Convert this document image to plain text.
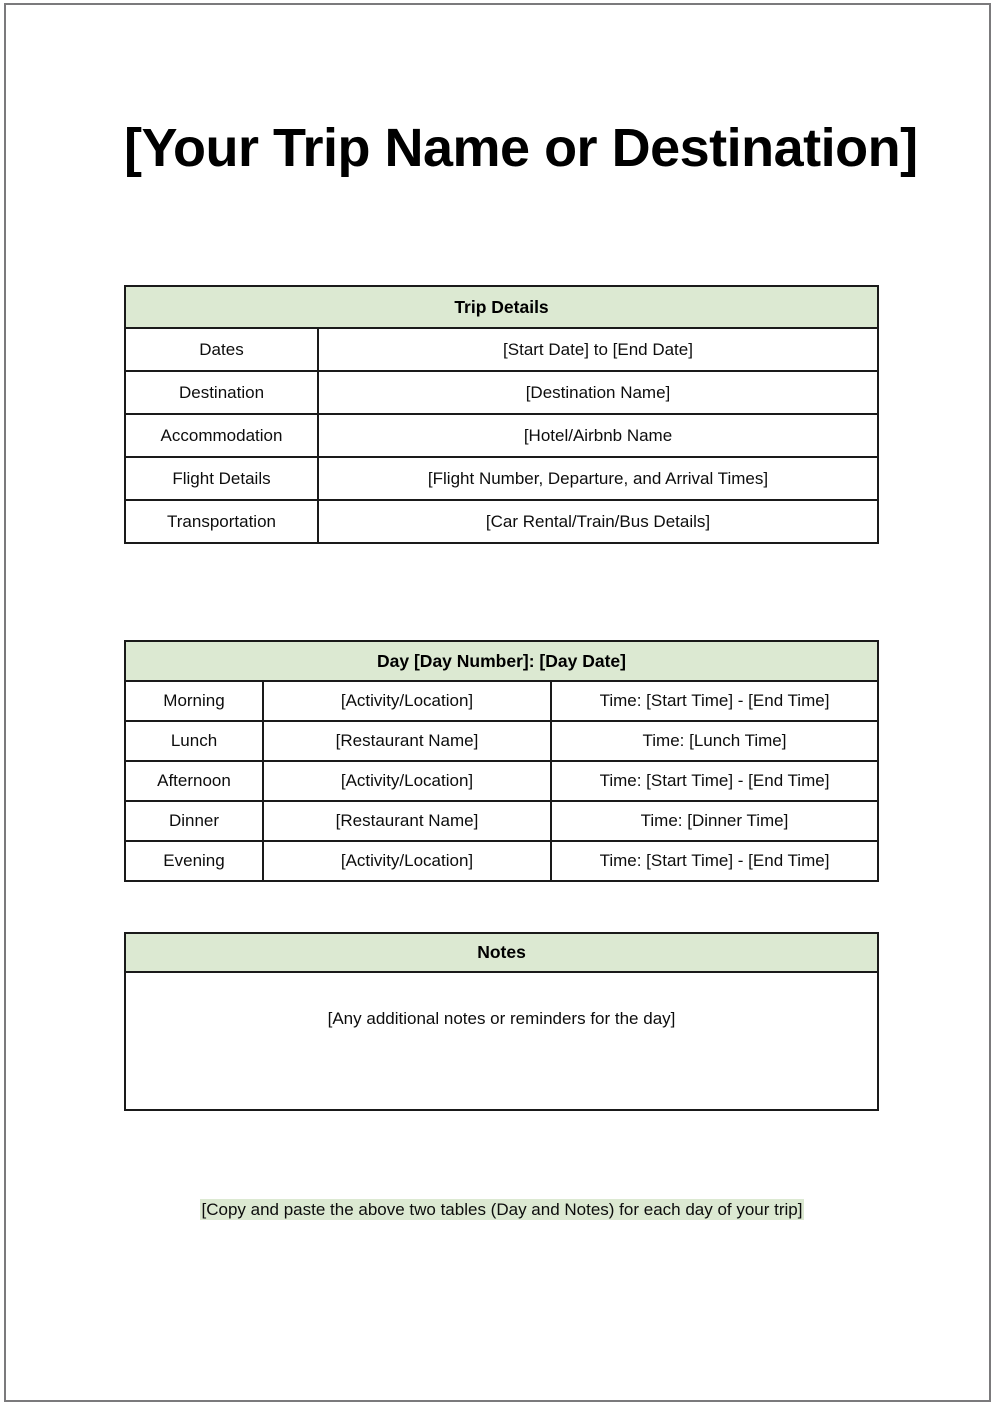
[Your Trip Name or Destination]
Trip Details	
Dates	[Start Date] to [End Date]
Destination	[Destination Name]
Accommodation	[Hotel/Airbnb Name
Flight Details	[Flight Number, Departure, and Arrival Times]
Transportation	[Car Rental/Train/Bus Details]
Day [Day Number]: [Day Date]		
Morning	[Activity/Location]	Time: [Start Time] - [End Time]
Lunch	[Restaurant Name]	Time: [Lunch Time]
Afternoon	[Activity/Location]	Time: [Start Time] - [End Time]
Dinner	[Restaurant Name]	Time: [Dinner Time]
Evening	[Activity/Location]	Time: [Start Time] - [End Time]
Notes
[Any additional notes or reminders for the day]
[Copy and paste the above two tables (Day and Notes) for each day of your trip]
